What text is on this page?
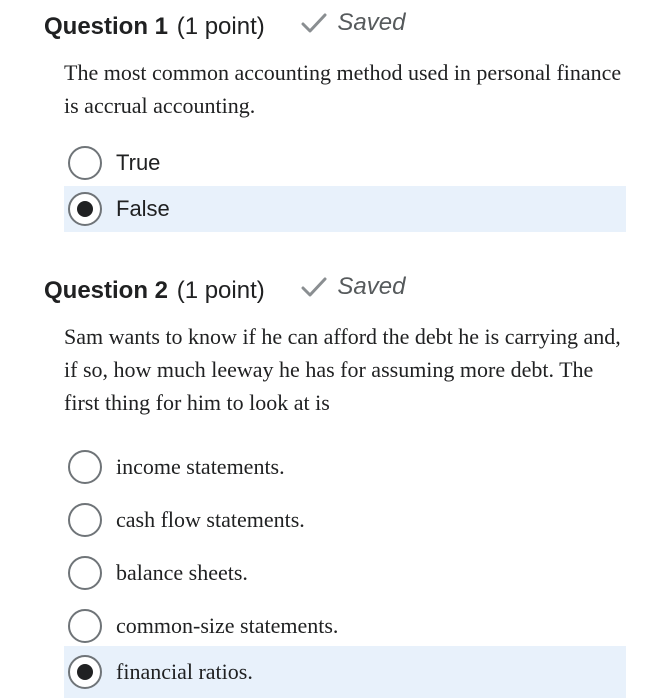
Question 1 (1 point)	Saved
The most common accounting method used in personal finance is accrual accounting.
True
False
Question 2 (1 point)	Saved
Sam wants to know if he can afford the debt he is carrying and, if so, how much leeway he has for assuming more debt. The first thing for him to look at is
income statements.
cash flow statements.
balance sheets.
common-size statements.
financial ratios.
